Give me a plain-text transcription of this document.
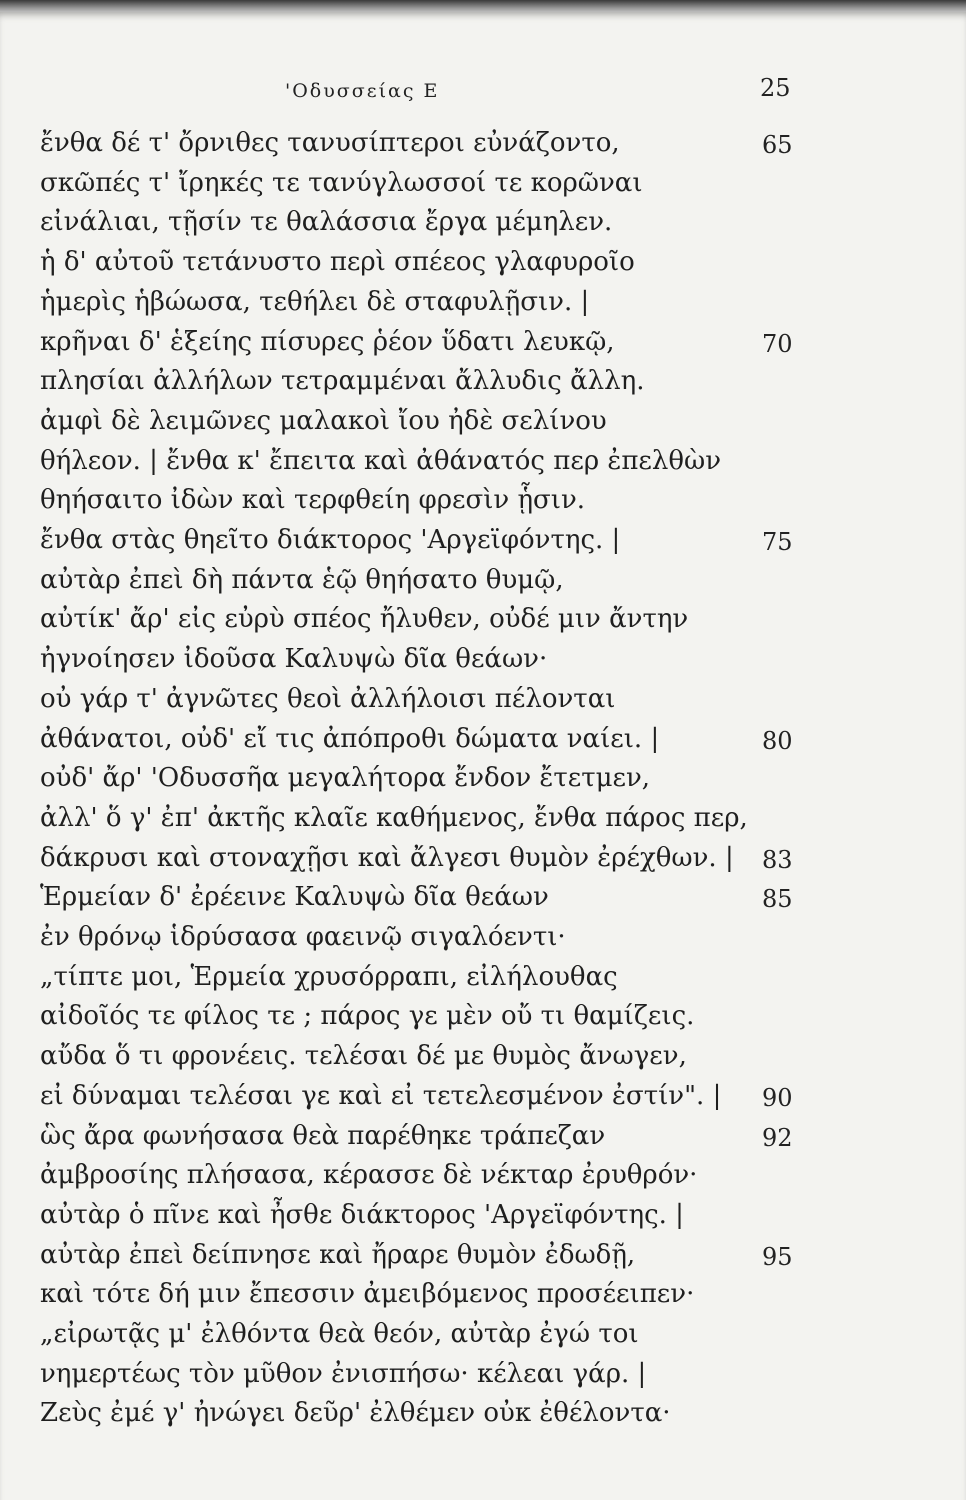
'Οδυσσείας Ε	25
ἔνθα δέ τ' ὄρνιθες τανυσίπτεροι εὐνάζοντο,	65
σκῶπές τ' ἴρηκές τε τανύγλωσσοί τε κορῶναι
εἰνάλιαι, τῇσίν τε θαλάσσια ἔργα μέμηλεν.
ἡ δ' αὐτοῦ τετάνυστο περὶ σπέεος γλαφυροῖο
ἡμερὶς ἡβώωσα, τεθήλει δὲ σταφυλῇσιν. |
κρῆναι δ' ἑξείης πίσυρες ῥέον ὕδατι λευκῷ,	70
πλησίαι ἀλλήλων τετραμμέναι ἄλλυδις ἄλλη.
ἀμφὶ δὲ λειμῶνες μαλακοὶ ἴου ἠδὲ σελίνου
θήλεον. | ἔνθα κ' ἔπειτα καὶ ἀθάνατός περ ἐπελθὼν
θηήσαιτο ἰδὼν καὶ τερφθείη φρεσὶν ᾗσιν.
ἔνθα στὰς θηεῖτο διάκτορος 'Αργεϊφόντης. |	75
αὐτὰρ ἐπεὶ δὴ πάντα ἑῷ θηήσατο θυμῷ,
αὐτίκ' ἄρ' εἰς εὐρὺ σπέος ἤλυθεν, οὐδέ μιν ἄντην
ἠγνοίησεν ἰδοῦσα Καλυψὼ δῖα θεάων·
οὐ γάρ τ' ἀγνῶτες θεοὶ ἀλλήλοισι πέλονται
ἀθάνατοι, οὐδ' εἴ τις ἀπόπροθι δώματα ναίει. |	80
οὐδ' ἄρ' 'Οδυσσῆα μεγαλήτορα ἔνδον ἔτετμεν,
ἀλλ' ὅ γ' ἐπ' ἀκτῆς κλαῖε καθήμενος, ἔνθα πάρος περ,
δάκρυσι καὶ στοναχῇσι καὶ ἄλγεσι θυμὸν ἐρέχθων. | 83
Ἑρμείαν δ' ἐρέεινε Καλυψὼ δῖα θεάων	85
ἐν θρόνῳ ἱδρύσασα φαεινῷ σιγαλόεντι·
„τίπτε μοι, Ἑρμεία χρυσόρραπι, εἰλήλουθας
αἰδοῖός τε φίλος τε ; πάρος γε μὲν οὔ τι θαμίζεις.
αὔδα ὅ τι φρονέεις. τελέσαι δέ με θυμὸς ἄνωγεν,
εἰ δύναμαι τελέσαι γε καὶ εἰ τετελεσμένον ἐστίν". | 90
ὣς ἄρα φωνήσασα θεὰ παρέθηκε τράπεζαν	92
ἀμβροσίης πλήσασα, κέρασσε δὲ νέκταρ ἐρυθρόν·
αὐτὰρ ὁ πῖνε καὶ ἦσθε διάκτορος 'Αργεϊφόντης. |
αὐτὰρ ἐπεὶ δείπνησε καὶ ἤραρε θυμὸν ἐδωδῇ,	95
καὶ τότε δή μιν ἔπεσσιν ἀμειβόμενος προσέειπεν·
„εἰρωτᾷς μ' ἐλθόντα θεὰ θεόν, αὐτὰρ ἐγώ τοι
νημερτέως τὸν μῦθον ἐνισπήσω· κέλεαι γάρ. |
Ζεὺς ἐμέ γ' ἠνώγει δεῦρ' ἐλθέμεν οὐκ ἐθέλοντα·
